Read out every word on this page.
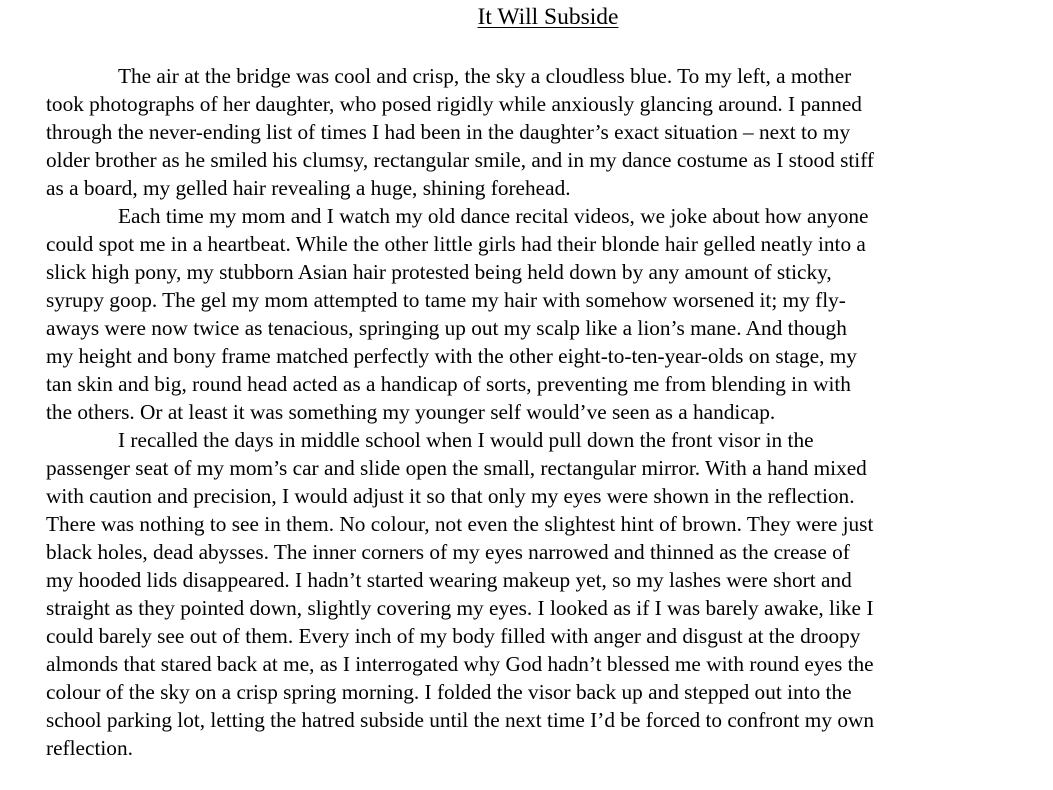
It Will Subside
The air at the bridge was cool and crisp, the sky a cloudless blue. To my left, a mother
took photographs of her daughter, who posed rigidly while anxiously glancing around. I panned
through the never-ending list of times I had been in the daughter’s exact situation – next to my
older brother as he smiled his clumsy, rectangular smile, and in my dance costume as I stood stiff
as a board, my gelled hair revealing a huge, shining forehead.
Each time my mom and I watch my old dance recital videos, we joke about how anyone
could spot me in a heartbeat. While the other little girls had their blonde hair gelled neatly into a
slick high pony, my stubborn Asian hair protested being held down by any amount of sticky,
syrupy goop. The gel my mom attempted to tame my hair with somehow worsened it; my fly-
aways were now twice as tenacious, springing up out my scalp like a lion’s mane. And though
my height and bony frame matched perfectly with the other eight-to-ten-year-olds on stage, my
tan skin and big, round head acted as a handicap of sorts, preventing me from blending in with
the others. Or at least it was something my younger self would’ve seen as a handicap.
I recalled the days in middle school when I would pull down the front visor in the
passenger seat of my mom’s car and slide open the small, rectangular mirror. With a hand mixed
with caution and precision, I would adjust it so that only my eyes were shown in the reflection.
There was nothing to see in them. No colour, not even the slightest hint of brown. They were just
black holes, dead abysses. The inner corners of my eyes narrowed and thinned as the crease of
my hooded lids disappeared. I hadn’t started wearing makeup yet, so my lashes were short and
straight as they pointed down, slightly covering my eyes. I looked as if I was barely awake, like I
could barely see out of them. Every inch of my body filled with anger and disgust at the droopy
almonds that stared back at me, as I interrogated why God hadn’t blessed me with round eyes the
colour of the sky on a crisp spring morning. I folded the visor back up and stepped out into the
school parking lot, letting the hatred subside until the next time I’d be forced to confront my own
reflection.
